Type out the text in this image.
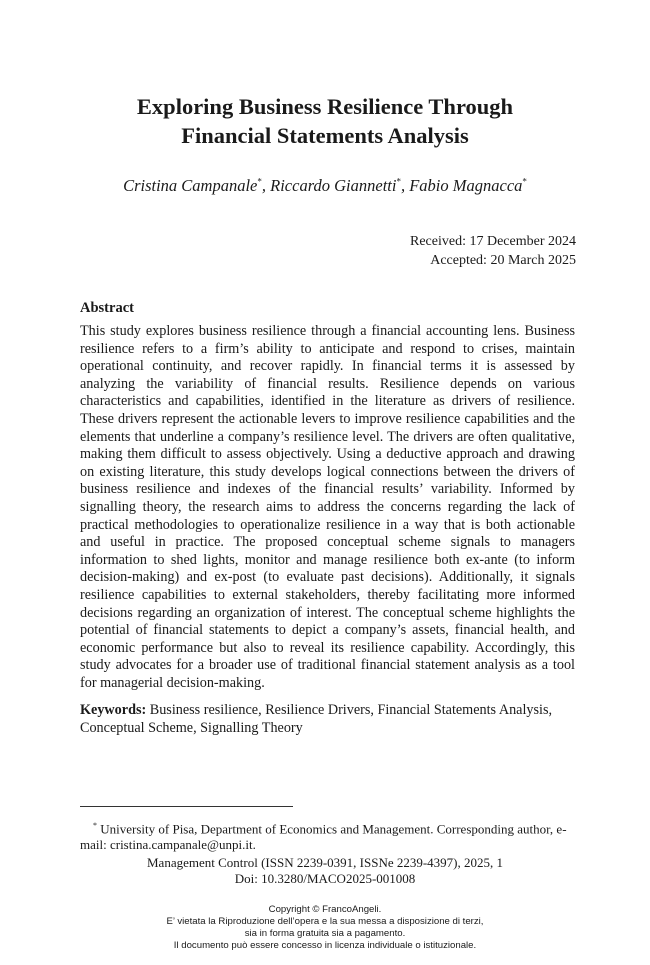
Exploring Business Resilience Through
Financial Statements Analysis
Cristina Campanale*, Riccardo Giannetti*, Fabio Magnacca*
Received: 17 December 2024
Accepted: 20 March 2025
Abstract
This study explores business resilience through a financial accounting lens. Business resilience refers to a firm’s ability to anticipate and respond to crises, maintain operational continuity, and recover rapidly. In financial terms it is assessed by analyzing the variability of financial results. Resilience depends on various characteristics and capabilities, identified in the literature as drivers of resilience. These drivers represent the actionable levers to improve resilience capabilities and the elements that underline a company’s resilience level. The drivers are often qualitative, making them difficult to assess objectively. Using a deductive approach and drawing on existing literature, this study develops logical connections between the drivers of business resilience and indexes of the financial results’ variability. Informed by signalling theory, the research aims to address the concerns regarding the lack of practical methodologies to operationalize resilience in a way that is both actionable and useful in practice. The proposed conceptual scheme signals to managers information to shed lights, monitor and manage resilience both ex-ante (to inform decision-making) and ex-post (to evaluate past decisions). Additionally, it signals resilience capabilities to external stakeholders, thereby facilitating more informed decisions regarding an organization of interest. The conceptual scheme highlights the potential of financial statements to depict a company’s assets, financial health, and economic performance but also to reveal its resilience capability. Accordingly, this study advocates for a broader use of traditional financial statement analysis as a tool for managerial decision-making.
Keywords: Business resilience, Resilience Drivers, Financial Statements Analysis, Conceptual Scheme, Signalling Theory
* University of Pisa, Department of Economics and Management. Corresponding author, e-mail: cristina.campanale@unpi.it.
Management Control (ISSN 2239-0391, ISSNe 2239-4397), 2025, 1
Doi: 10.3280/MACO2025-001008
Copyright © FrancoAngeli.
E’ vietata la Riproduzione dell’opera e la sua messa a disposizione di terzi,
sia in forma gratuita sia a pagamento.
Il documento può essere concesso in licenza individuale o istituzionale.
